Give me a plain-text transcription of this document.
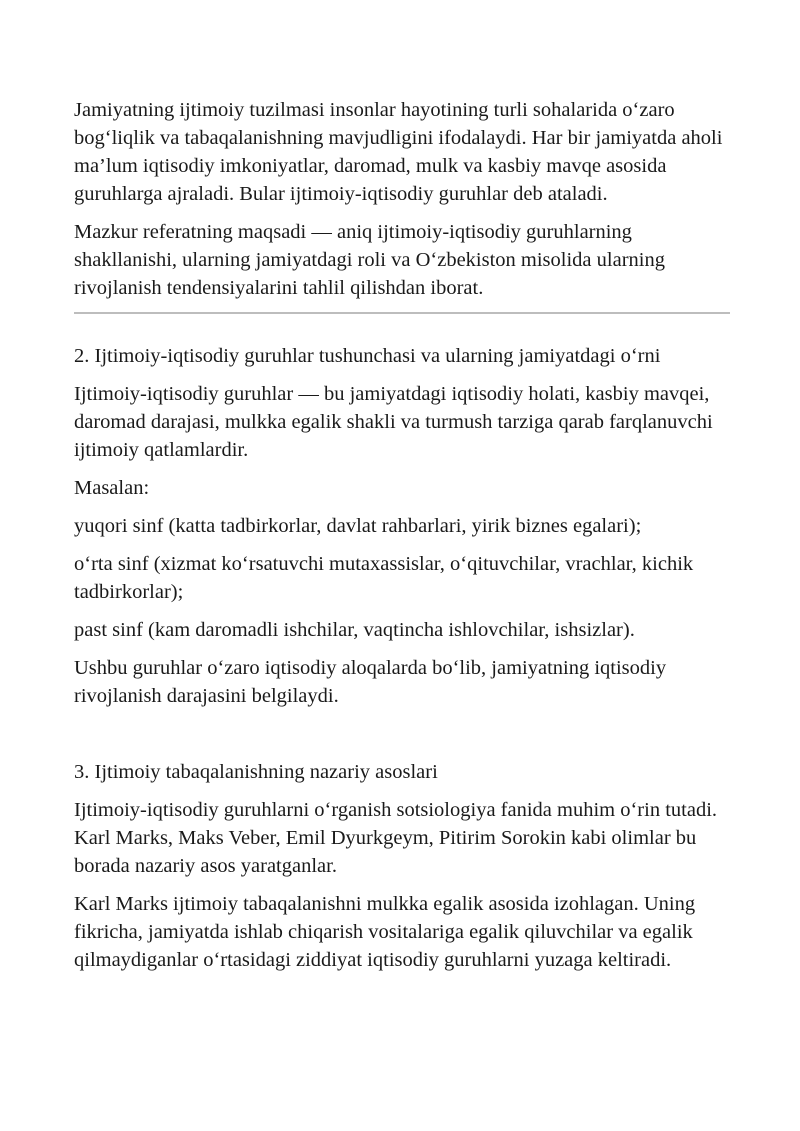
Jamiyatning ijtimoiy tuzilmasi insonlar hayotining turli sohalarida o‘zaro bog‘liqlik va tabaqalanishning mavjudligini ifodalaydi. Har bir jamiyatda aholi ma’lum iqtisodiy imkoniyatlar, daromad, mulk va kasbiy mavqe asosida guruhlarga ajraladi. Bular ijtimoiy-iqtisodiy guruhlar deb ataladi.

Mazkur referatning maqsadi — aniq ijtimoiy-iqtisodiy guruhlarning shakllanishi, ularning jamiyatdagi roli va O‘zbekiston misolida ularning rivojlanish tendensiyalarini tahlil qilishdan iborat.

2. Ijtimoiy-iqtisodiy guruhlar tushunchasi va ularning jamiyatdagi o‘rni

Ijtimoiy-iqtisodiy guruhlar — bu jamiyatdagi iqtisodiy holati, kasbiy mavqei, daromad darajasi, mulkka egalik shakli va turmush tarziga qarab farqlanuvchi ijtimoiy qatlamlardir.

Masalan:

yuqori sinf (katta tadbirkorlar, davlat rahbarlari, yirik biznes egalari);

o‘rta sinf (xizmat ko‘rsatuvchi mutaxassislar, o‘qituvchilar, vrachlar, kichik tadbirkorlar);

past sinf (kam daromadli ishchilar, vaqtincha ishlovchilar, ishsizlar).

Ushbu guruhlar o‘zaro iqtisodiy aloqalarda bo‘lib, jamiyatning iqtisodiy rivojlanish darajasini belgilaydi.

3. Ijtimoiy tabaqalanishning nazariy asoslari

Ijtimoiy-iqtisodiy guruhlarni o‘rganish sotsiologiya fanida muhim o‘rin tutadi. Karl Marks, Maks Veber, Emil Dyurkgeym, Pitirim Sorokin kabi olimlar bu borada nazariy asos yaratganlar.

Karl Marks ijtimoiy tabaqalanishni mulkka egalik asosida izohlagan. Uning fikricha, jamiyatda ishlab chiqarish vositalariga egalik qiluvchilar va egalik qilmaydiganlar o‘rtasidagi ziddiyat iqtisodiy guruhlarni yuzaga keltiradi.
